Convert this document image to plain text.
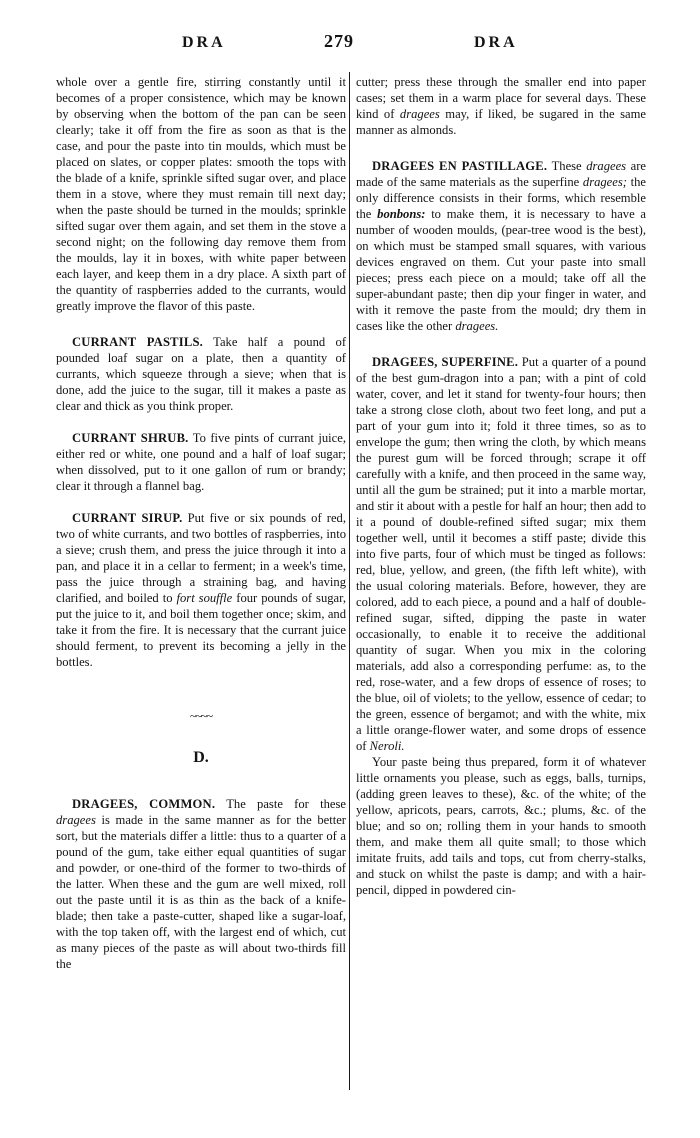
DRA	279	DRA

whole over a gentle fire, stirring constantly until it becomes of a proper consistence, which may be known by observing when the bottom of the pan can be seen clearly; take it off from the fire as soon as that is the case, and pour the paste into tin moulds, which must be placed on slates, or copper plates: smooth the tops with the blade of a knife, sprinkle sifted sugar over, and place them in a stove, where they must remain till next day; when the paste should be turned in the moulds; sprinkle sifted sugar over them again, and set them in the stove a second night; on the following day remove them from the moulds, lay it in boxes, with white paper between each layer, and keep them in a dry place. A sixth part of the quantity of raspberries added to the currants, would greatly improve the flavor of this paste.

CURRANT PASTILS. Take half a pound of pounded loaf sugar on a plate, then a quantity of currants, which squeeze through a sieve; when that is done, add the juice to the sugar, till it makes a paste as clear and thick as you think proper.

CURRANT SHRUB. To five pints of currant juice, either red or white, one pound and a half of loaf sugar; when dissolved, put to it one gallon of rum or brandy; clear it through a flannel bag.

CURRANT SIRUP. Put five or six pounds of red, two of white currants, and two bottles of raspberries, into a sieve; crush them, and press the juice through it into a pan, and place it in a cellar to ferment; in a week's time, pass the juice through a straining bag, and having clarified, and boiled to fort souffle four pounds of sugar, put the juice to it, and boil them together once; skim, and take it from the fire. It is necessary that the currant juice should ferment, to prevent its becoming a jelly in the bottles.

~~~~
D.

DRAGEES, COMMON. The paste for these dragees is made in the same manner as for the better sort, but the materials differ a little: thus to a quarter of a pound of the gum, take either equal quantities of sugar and powder, or one-third of the former to two-thirds of the latter. When these and the gum are well mixed, roll out the paste until it is as thin as the back of a knife-blade; then take a paste-cutter, shaped like a sugar-loaf, with the top taken off, with the largest end of which, cut as many pieces of the paste as will about two-thirds fill the

cutter; press these through the smaller end into paper cases; set them in a warm place for several days. These kind of dragees may, if liked, be sugared in the same manner as almonds.

DRAGEES EN PASTILLAGE. These dragees are made of the same materials as the superfine dragees; the only difference consists in their forms, which resemble the bonbons: to make them, it is necessary to have a number of wooden moulds, (pear-tree wood is the best), on which must be stamped small squares, with various devices engraved on them. Cut your paste into small pieces; press each piece on a mould; take off all the super-abundant paste; then dip your finger in water, and with it remove the paste from the mould; dry them in cases like the other dragees.

DRAGEES, SUPERFINE. Put a quarter of a pound of the best gum-dragon into a pan; with a pint of cold water, cover, and let it stand for twenty-four hours; then take a strong close cloth, about two feet long, and put a part of your gum into it; fold it three times, so as to envelope the gum; then wring the cloth, by which means the purest gum will be forced through; scrape it off carefully with a knife, and then proceed in the same way, until all the gum be strained; put it into a marble mortar, and stir it about with a pestle for half an hour; then add to it a pound of double-refined sifted sugar; mix them together well, until it becomes a stiff paste; divide this into five parts, four of which must be tinged as follows: red, blue, yellow, and green, (the fifth left white), with the usual coloring materials. Before, however, they are colored, add to each piece, a pound and a half of double-refined sugar, sifted, dipping the paste in water occasionally, to enable it to receive the additional quantity of sugar. When you mix in the coloring materials, add also a corresponding perfume: as, to the red, rose-water, and a few drops of essence of roses; to the blue, oil of violets; to the yellow, essence of cedar; to the green, essence of bergamot; and with the white, mix a little orange-flower water, and some drops of essence of Neroli.

Your paste being thus prepared, form it of whatever little ornaments you please, such as eggs, balls, turnips, (adding green leaves to these), &c. of the white; of the yellow, apricots, pears, carrots, &c.; plums, &c. of the blue; and so on; rolling them in your hands to smooth them, and make them all quite small; to those which imitate fruits, add tails and tops, cut from cherry-stalks, and stuck on whilst the paste is damp; and with a hair-pencil, dipped in powdered cin-
